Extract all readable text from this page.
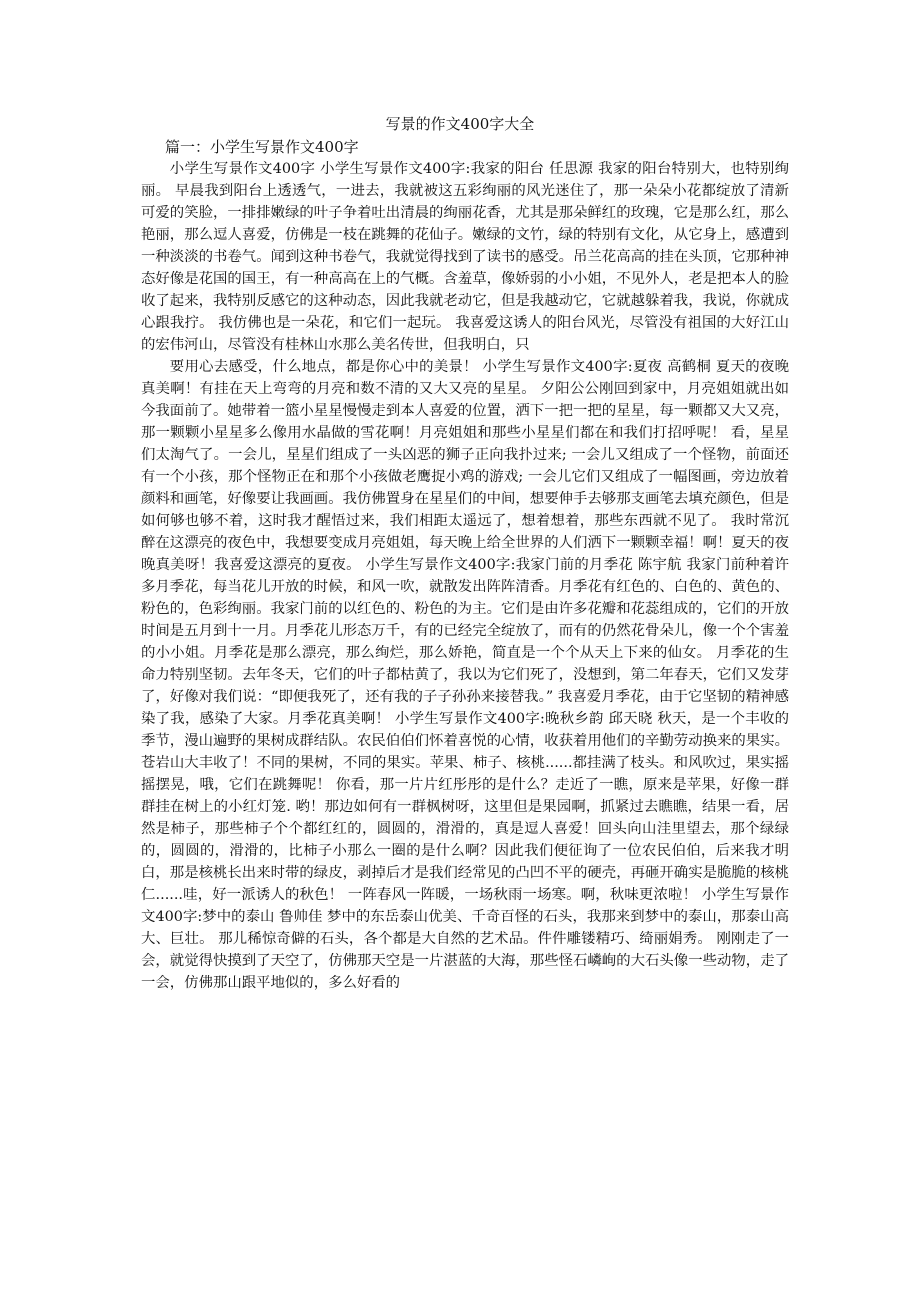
写景的作文400字大全

篇一：小学生写景作文400字

小学生写景作文400字 小学生写景作文400字:我家的阳台 任思源 我家的阳台特别大，也特别绚丽。 早晨我到阳台上透透气，一进去，我就被这五彩绚丽的风光迷住了，那一朵朵小花都绽放了清新可爱的笑脸，一排排嫩绿的叶子争着吐出清晨的绚丽花香，尤其是那朵鲜红的玫瑰，它是那么红，那么艳丽，那么逗人喜爱，仿佛是一枝在跳舞的花仙子。嫩绿的文竹，绿的特别有文化，从它身上，感遭到一种淡淡的书卷气。闻到这种书卷气，我就觉得找到了读书的感受。吊兰花高高的挂在头顶，它那种神态好像是花国的国王，有一种高高在上的气概。含羞草，像娇弱的小小姐，不见外人，老是把本人的脸收了起来，我特别反感它的这种动态，因此我就老动它，但是我越动它，它就越躲着我，我说，你就成心跟我拧。 我仿佛也是一朵花，和它们一起玩。 我喜爱这诱人的阳台风光，尽管没有祖国的大好江山的宏伟河山，尽管没有桂林山水那么美名传世，但我明白，只

要用心去感受，什么地点，都是你心中的美景！ 小学生写景作文400字:夏夜 高鹤桐 夏天的夜晚真美啊！有挂在天上弯弯的月亮和数不清的又大又亮的星星。 夕阳公公刚回到家中，月亮姐姐就出如今我面前了。她带着一篮小星星慢慢走到本人喜爱的位置，洒下一把一把的星星，每一颗都又大又亮，那一颗颗小星星多么像用水晶做的雪花啊！月亮姐姐和那些小星星们都在和我们打招呼呢！ 看，星星们太淘气了。一会儿，星星们组成了一头凶恶的狮子正向我扑过来; 一会儿又组成了一个怪物，前面还有一个小孩，那个怪物正在和那个小孩做老鹰捉小鸡的游戏; 一会儿它们又组成了一幅图画，旁边放着颜料和画笔，好像要让我画画。我仿佛置身在星星们的中间，想要伸手去够那支画笔去填充颜色，但是如何够也够不着，这时我才醒悟过来，我们相距太遥远了，想着想着，那些东西就不见了。 我时常沉醉在这漂亮的夜色中，我想要变成月亮姐姐，每天晚上给全世界的人们洒下一颗颗幸福！啊！夏天的夜晚真美呀！我喜爱这漂亮的夏夜。 小学生写景作文400字:我家门前的月季花 陈宇航 我家门前种着许多月季花，每当花儿开放的时候，和风一吹，就散发出阵阵清香。月季花有红色的、白色的、黄色的、粉色的，色彩绚丽。我家门前的以红色的、粉色的为主。它们是由许多花瓣和花蕊组成的，它们的开放时间是五月到十一月。月季花儿形态万千，有的已经完全绽放了，而有的仍然花骨朵儿，像一个个害羞的小小姐。月季花是那么漂亮，那么绚烂，那么娇艳，简直是一个个从天上下来的仙女。 月季花的生命力特别坚韧。去年冬天，它们的叶子都枯黄了，我以为它们死了，没想到，第二年春天，它们又发芽了，好像对我们说：“即便我死了，还有我的子子孙孙来接替我。” 我喜爱月季花，由于它坚韧的精神感染了我，感染了大家。月季花真美啊！ 小学生写景作文400字:晚秋乡韵 邱天晓 秋天，是一个丰收的季节，漫山遍野的果树成群结队。农民伯伯们怀着喜悦的心情，收获着用他们的辛勤劳动换来的果实。 苍岩山大丰收了！不同的果树，不同的果实。苹果、柿子、核桃......都挂满了枝头。和风吹过，果实摇摇摆晃，哦，它们在跳舞呢！ 你看，那一片片红彤彤的是什么？走近了一瞧，原来是苹果，好像一群群挂在树上的小红灯笼. 哟！那边如何有一群枫树呀，这里但是果园啊，抓紧过去瞧瞧，结果一看，居然是柿子，那些柿子个个都红红的，圆圆的，滑滑的，真是逗人喜爱！回头向山洼里望去，那个绿绿的，圆圆的，滑滑的，比柿子小那么一圈的是什么啊？因此我们便征询了一位农民伯伯，后来我才明白，那是核桃长出来时带的绿皮，剥掉后才是我们经常见的凸凹不平的硬壳，再砸开确实是脆脆的核桃仁......哇，好一派诱人的秋色！ 一阵春风一阵暖，一场秋雨一场寒。啊，秋味更浓啦！ 小学生写景作文400字:梦中的泰山 鲁帅佳 梦中的东岳泰山优美、千奇百怪的石头，我那来到梦中的泰山，那泰山高大、巨壮。 那儿稀惊奇僻的石头，各个都是大自然的艺术品。件件雕镂精巧、绮丽娟秀。 刚刚走了一会，就觉得快摸到了天空了，仿佛那天空是一片湛蓝的大海，那些怪石嶙峋的大石头像一些动物，走了一会，仿佛那山跟平地似的，多么好看的
